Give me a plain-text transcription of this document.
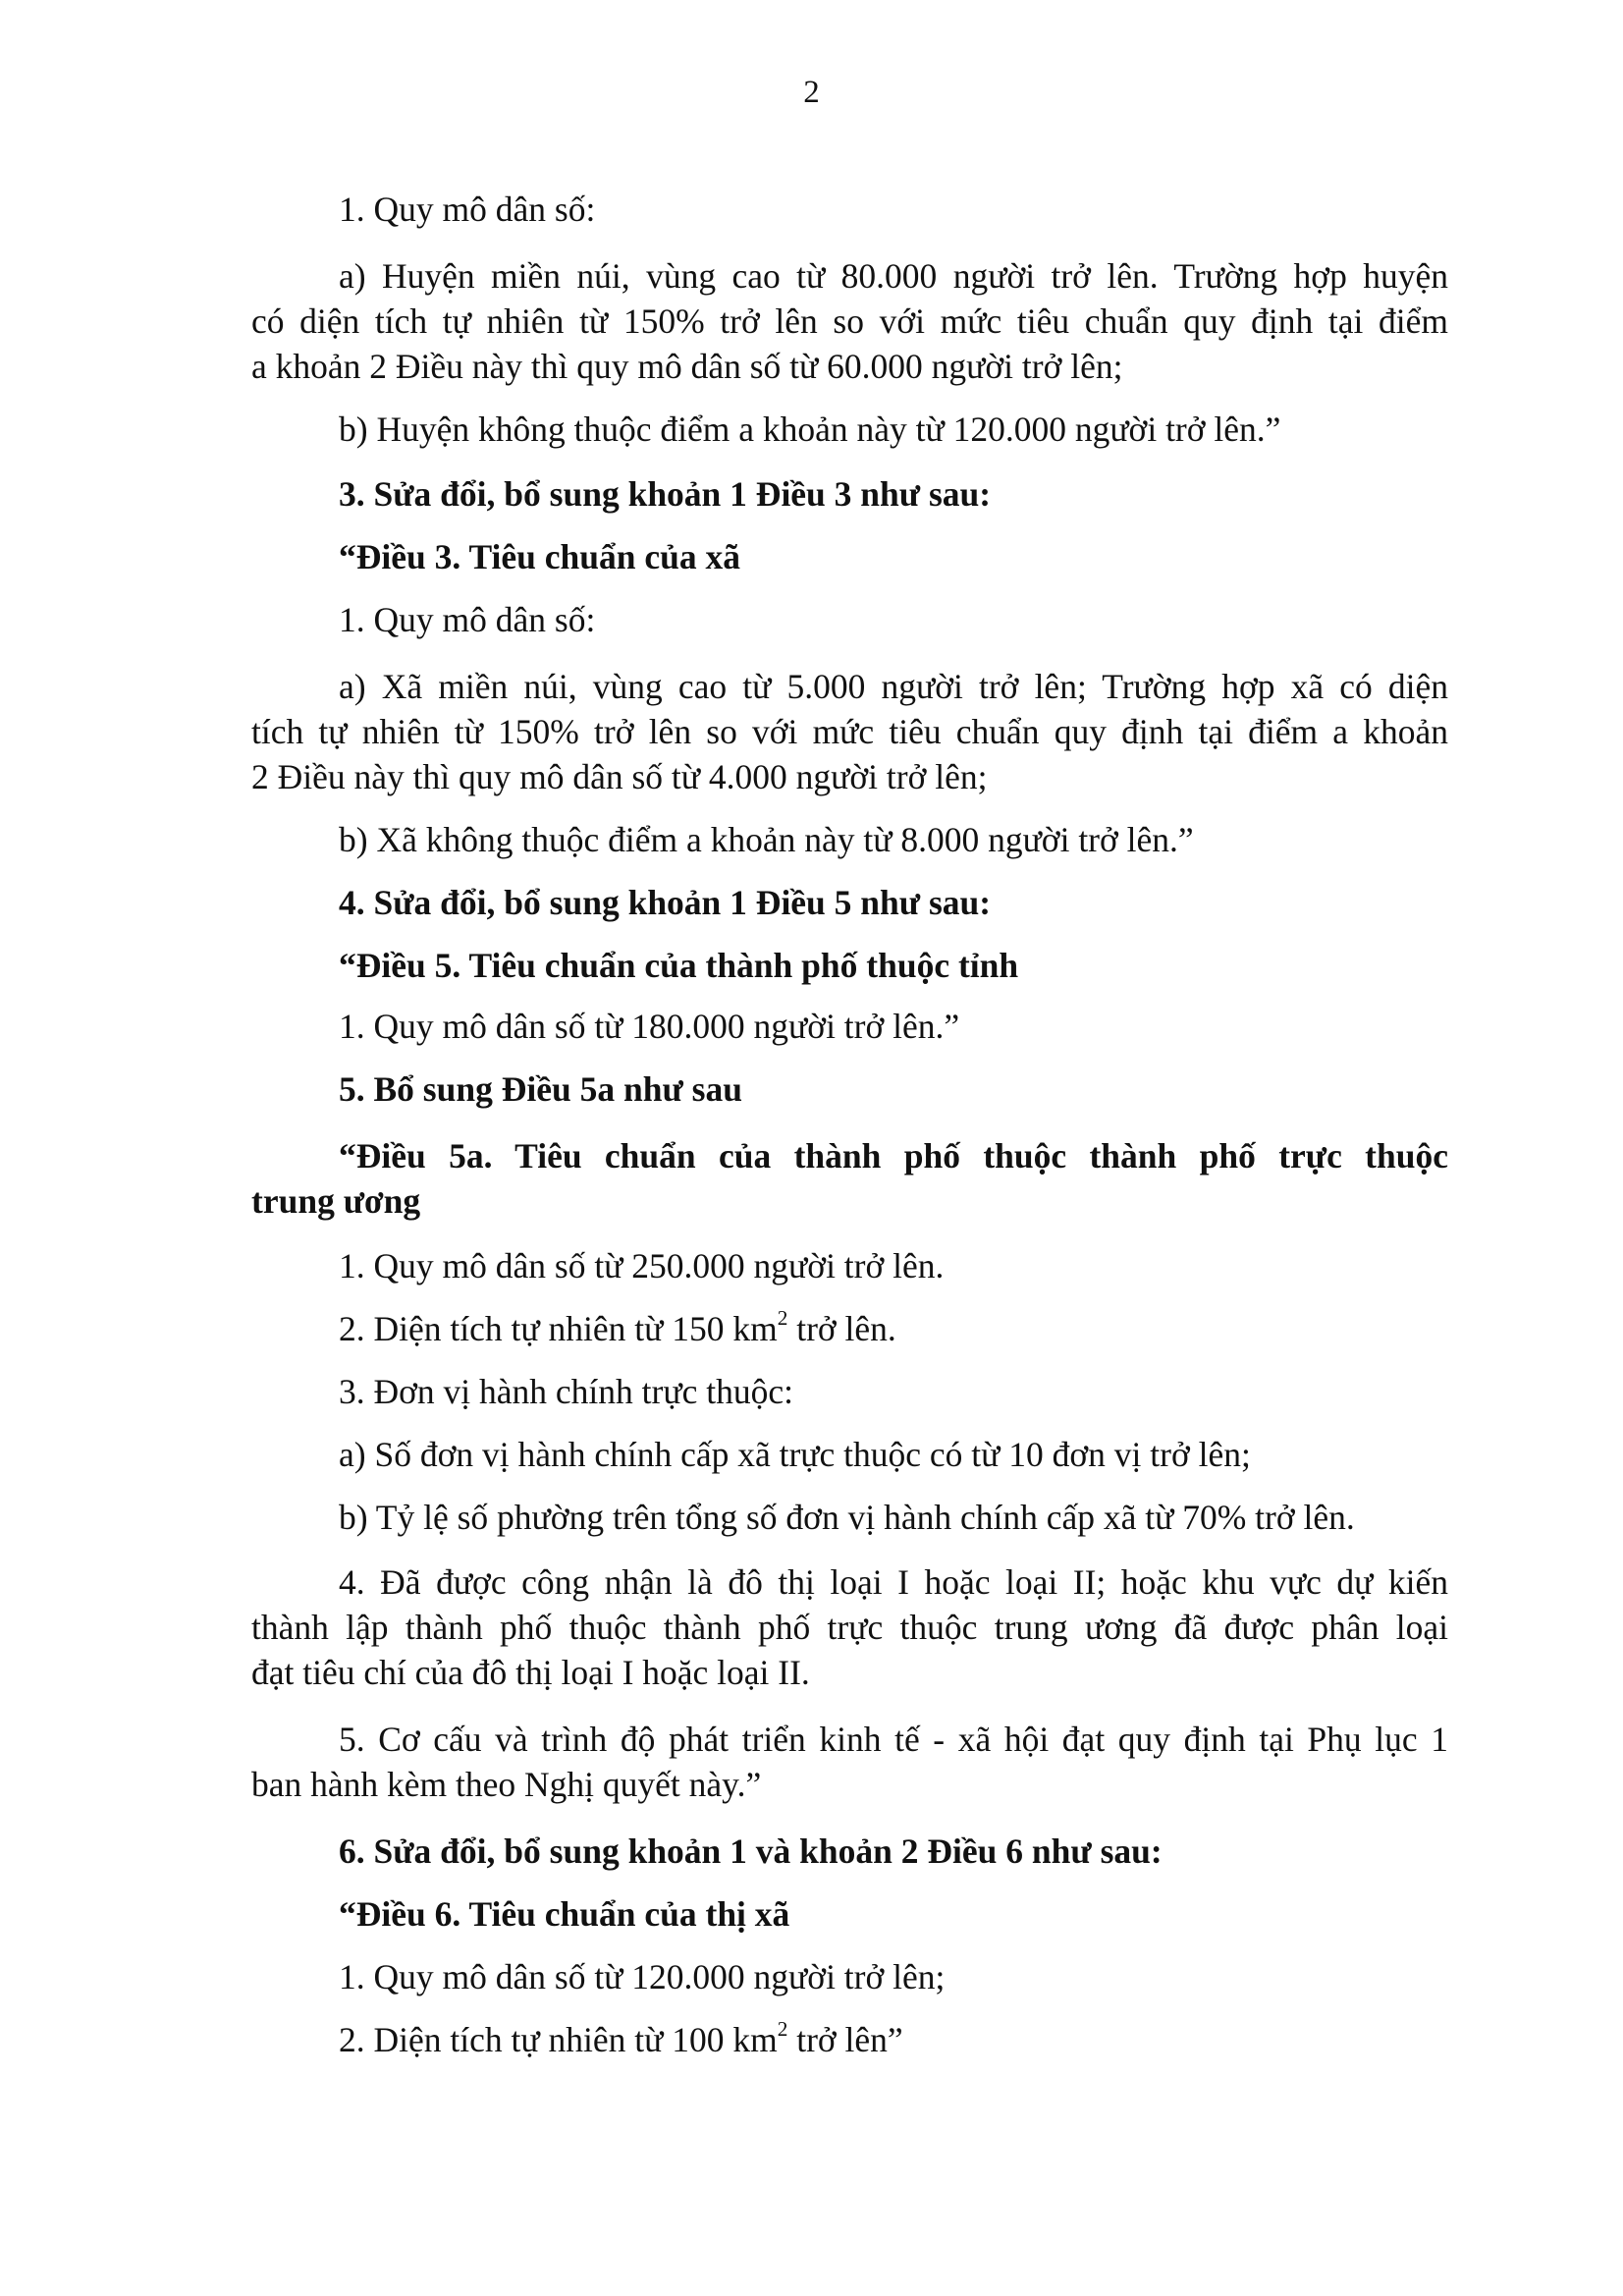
2
1. Quy mô dân số:
a) Huyện miền núi, vùng cao từ 80.000 người trở lên. Trường hợp huyện
có diện tích tự nhiên từ 150% trở lên so với mức tiêu chuẩn quy định tại điểm
a khoản 2 Điều này thì quy mô dân số từ 60.000 người trở lên;
b) Huyện không thuộc điểm a khoản này từ 120.000 người trở lên.”
3. Sửa đổi, bổ sung khoản 1 Điều 3 như sau:
“Điều 3. Tiêu chuẩn của xã
1. Quy mô dân số:
a) Xã miền núi, vùng cao từ 5.000 người trở lên; Trường hợp xã có diện
tích tự nhiên từ 150% trở lên so với mức tiêu chuẩn quy định tại điểm a khoản
2 Điều này thì quy mô dân số từ 4.000 người trở lên;
b) Xã không thuộc điểm a khoản này từ 8.000 người trở lên.”
4. Sửa đổi, bổ sung khoản 1 Điều 5 như sau:
“Điều 5. Tiêu chuẩn của thành phố thuộc tỉnh
1. Quy mô dân số từ 180.000 người trở lên.”
5. Bổ sung Điều 5a như sau
“Điều 5a. Tiêu chuẩn của thành phố thuộc thành phố trực thuộc
trung ương
1. Quy mô dân số từ 250.000 người trở lên.
2. Diện tích tự nhiên từ 150 $km^2$ trở lên.
3. Đơn vị hành chính trực thuộc:
a) Số đơn vị hành chính cấp xã trực thuộc có từ 10 đơn vị trở lên;
b) Tỷ lệ số phường trên tổng số đơn vị hành chính cấp xã từ 70% trở lên.
4. Đã được công nhận là đô thị loại I hoặc loại II; hoặc khu vực dự kiến
thành lập thành phố thuộc thành phố trực thuộc trung ương đã được phân loại
đạt tiêu chí của đô thị loại I hoặc loại II.
5. Cơ cấu và trình độ phát triển kinh tế - xã hội đạt quy định tại Phụ lục 1
ban hành kèm theo Nghị quyết này.”
6. Sửa đổi, bổ sung khoản 1 và khoản 2 Điều 6 như sau:
“Điều 6. Tiêu chuẩn của thị xã
1. Quy mô dân số từ 120.000 người trở lên;
2. Diện tích tự nhiên từ 100 $km^2$ trở lên”
